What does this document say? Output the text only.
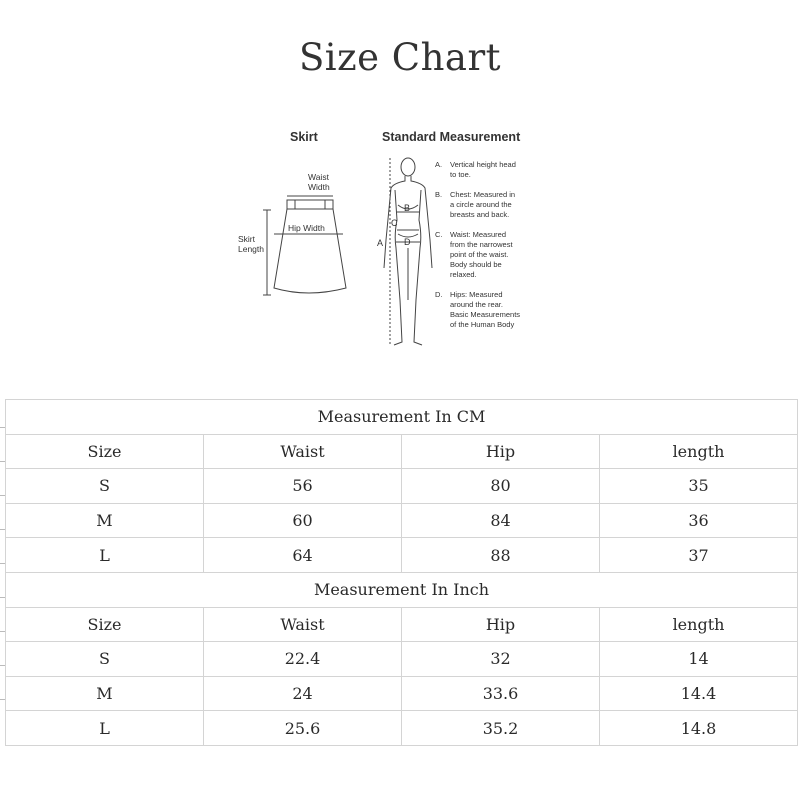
Size Chart
Skirt	Standard Measurement
Waist
Width
Hip Width
Skirt
Length
A
B
C
D
A. Vertical height head
to toe.
B. Chest: Measured in
a circle around the
breasts and back.
C. Waist: Measured
from the narrowest
point of the waist.
Body should be
relaxed.
D. Hips: Measured
around the rear.
Basic Measurements
of the Human Body
Measurement In CM			
Size	Waist	Hip	length
S	56	80	35
M	60	84	36
L	64	88	37
Measurement In Inch			
Size	Waist	Hip	length
S	22.4	32	14
M	24	33.6	14.4
L	25.6	35.2	14.8
